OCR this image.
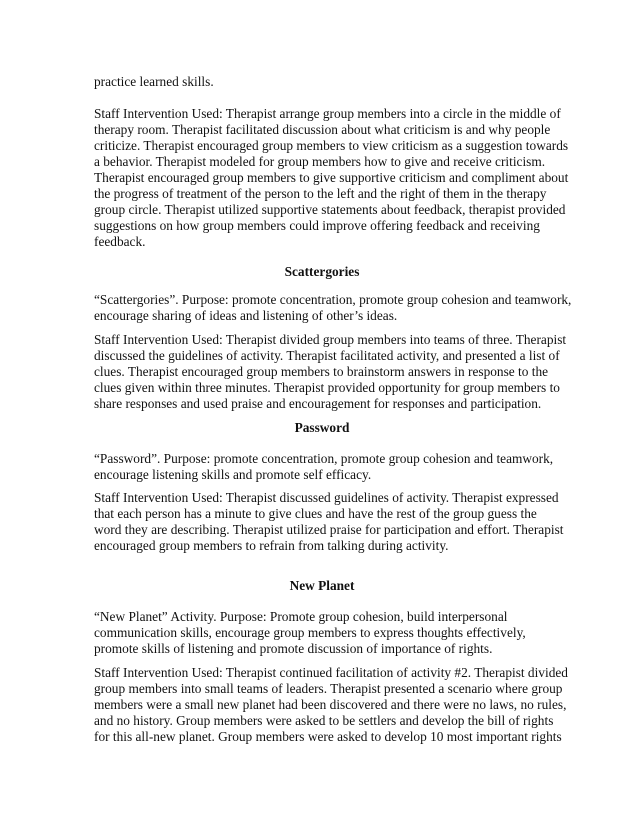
practice learned skills.
Staff Intervention Used: Therapist arrange group members into a circle in the middle of
therapy room. Therapist facilitated discussion about what criticism is and why people
criticize. Therapist encouraged group members to view criticism as a suggestion towards
a behavior. Therapist modeled for group members how to give and receive criticism.
Therapist encouraged group members to give supportive criticism and compliment about
the progress of treatment of the person to the left and the right of them in the therapy
group circle. Therapist utilized supportive statements about feedback, therapist provided
suggestions on how group members could improve offering feedback and receiving
feedback.
Scattergories
“Scattergories”. Purpose: promote concentration, promote group cohesion and teamwork,
encourage sharing of ideas and listening of other’s ideas.
Staff Intervention Used: Therapist divided group members into teams of three. Therapist
discussed the guidelines of activity. Therapist facilitated activity, and presented a list of
clues. Therapist encouraged group members to brainstorm answers in response to the
clues given within three minutes. Therapist provided opportunity for group members to
share responses and used praise and encouragement for responses and participation.
Password
“Password”. Purpose: promote concentration, promote group cohesion and teamwork,
encourage listening skills and promote self efficacy.
Staff Intervention Used: Therapist discussed guidelines of activity. Therapist expressed
that each person has a minute to give clues and have the rest of the group guess the
word they are describing. Therapist utilized praise for participation and effort. Therapist
encouraged group members to refrain from talking during activity.
New Planet
“New Planet” Activity. Purpose: Promote group cohesion, build interpersonal
communication skills, encourage group members to express thoughts effectively,
promote skills of listening and promote discussion of importance of rights.
Staff Intervention Used: Therapist continued facilitation of activity #2. Therapist divided
group members into small teams of leaders. Therapist presented a scenario where group
members were a small new planet had been discovered and there were no laws, no rules,
and no history. Group members were asked to be settlers and develop the bill of rights
for this all-new planet. Group members were asked to develop 10 most important rights
